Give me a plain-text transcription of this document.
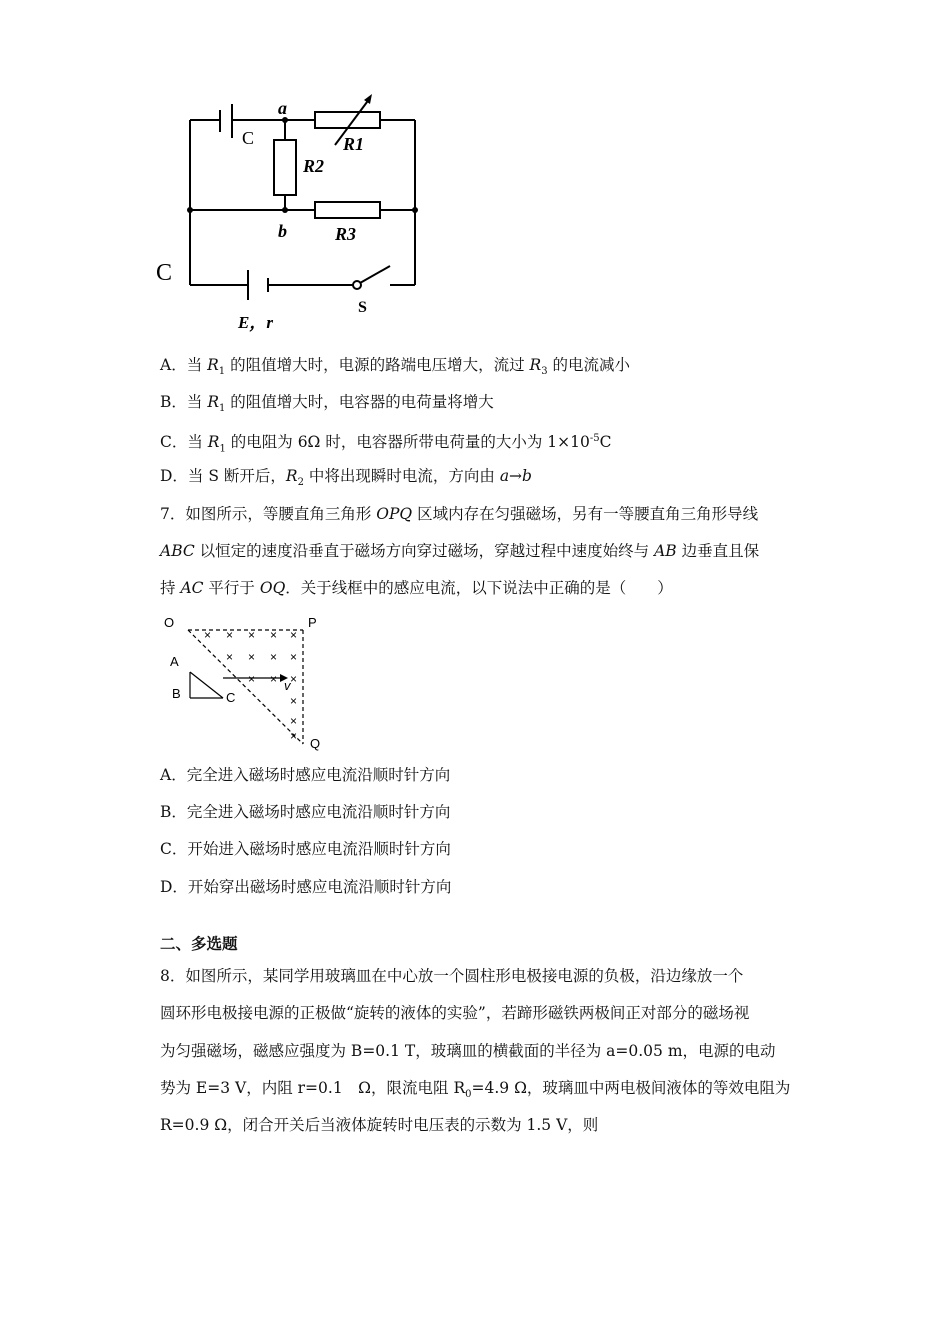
C
a
R1
R2
b	R3
S
E，r
C
A．当 $R_1$ 的阻值增大时，电源的路端电压增大，流过 $R_3$ 的电流减小
B．当 $R_1$ 的阻值增大时，电容器的电荷量将增大
C．当 $R_1$ 的电阻为 6Ω 时，电容器所带电荷量的大小为 $1\times 10^{-5}C$
D．当 S 断开后，$R_2$ 中将出现瞬时电流，方向由 a→b
7．如图所示，等腰直角三角形 OPQ 区域内存在匀强磁场，另有一等腰直角三角形导线
ABC 以恒定的速度沿垂直于磁场方向穿过磁场，穿越过程中速度始终与 AB 边垂直且保
持 AC 平行于 OQ．关于线框中的感应电流，以下说法中正确的是（　　）
O	P
Q
A
B	C
v
× × × × ×
× × × ×
× × ×
×
×
×
A．完全进入磁场时感应电流沿顺时针方向
B．完全进入磁场时感应电流沿顺时针方向
C．开始进入磁场时感应电流沿顺时针方向
D．开始穿出磁场时感应电流沿顺时针方向
二、多选题
8．如图所示，某同学用玻璃皿在中心放一个圆柱形电极接电源的负极，沿边缘放一个
圆环形电极接电源的正极做“旋转的液体的实验”，若蹄形磁铁两极间正对部分的磁场视
为匀强磁场，磁感应强度为 B=0.1 T，玻璃皿的横截面的半径为 a=0.05 m，电源的电动
势为 E=3 V，内阻 r=0.1　Ω，限流电阻 $R_0=4.9$ Ω，玻璃皿中两电极间液体的等效电阻为
R=0.9 Ω，闭合开关后当液体旋转时电压表的示数为 1.5 V，则
